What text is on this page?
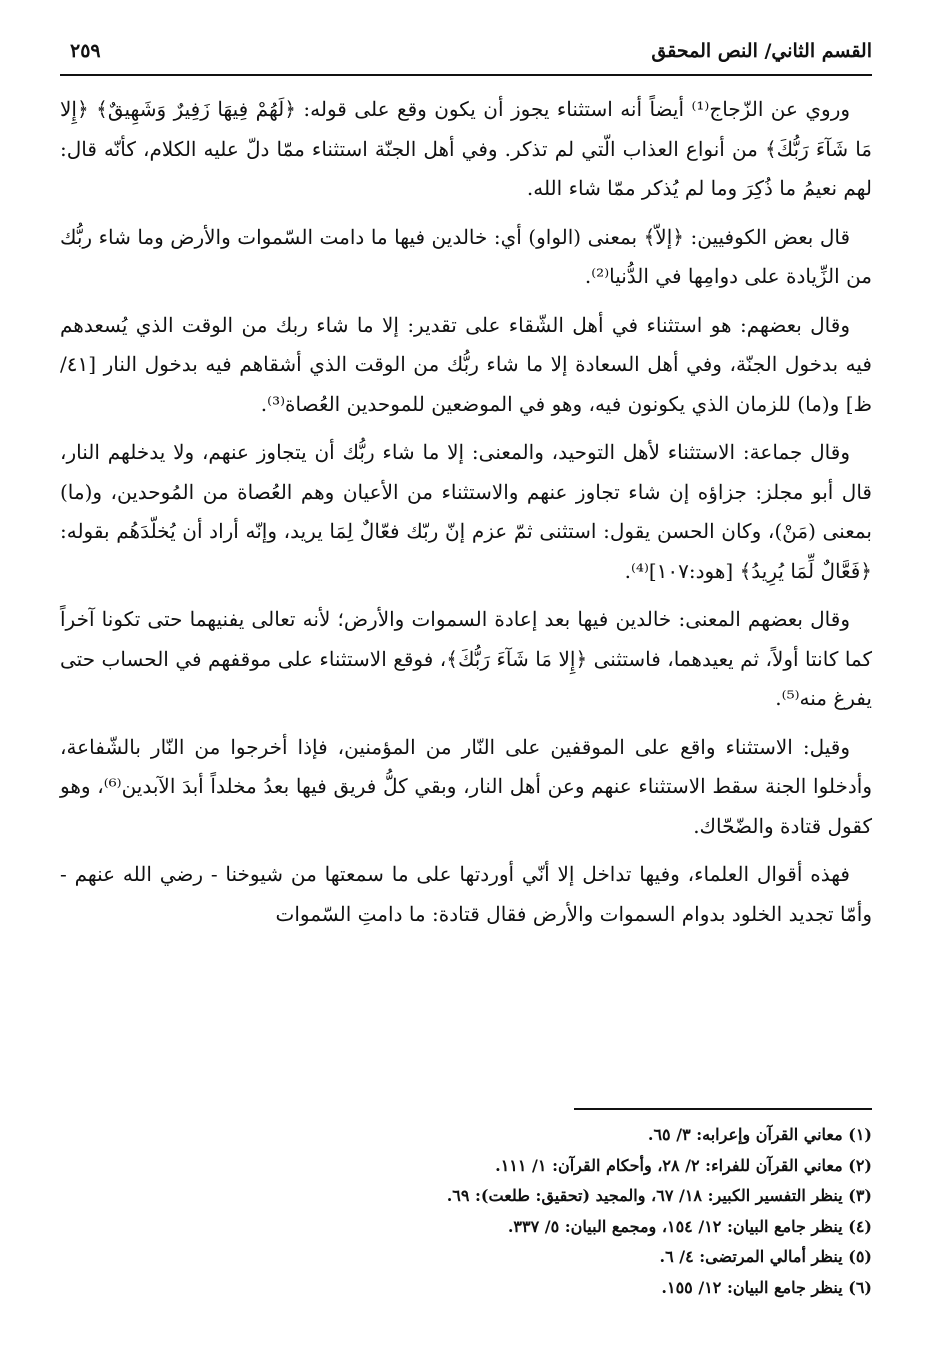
القسم الثاني/ النص المحقق
٢٥٩

وروي عن الزّجاج⁽¹⁾ أيضاً أنه استثناء يجوز أن يكون وقع على قوله: ﴿لَهُمْ فِيهَا زَفِيرٌ وَشَهِيقٌ﴾ ﴿إِلا مَا شَآءَ رَبُّكَ﴾ من أنواع العذاب الّتي لم تذكر. وفي أهل الجنّة استثناء ممّا دلّ عليه الكلام، كأنّه قال: لهم نعيمُ ما ذُكِرَ وما لم يُذكر ممّا شاء الله.

قال بعض الكوفيين: ﴿إلاّ﴾ بمعنى (الواو) أي: خالدين فيها ما دامت السّموات والأرض وما شاء ربُّك من الزِّيادة على دوامِها في الدُّنيا⁽²⁾.

وقال بعضهم: هو استثناء في أهل الشّقاء على تقدير: إلا ما شاء ربك من الوقت الذي يُسعدهم فيه بدخول الجنّة، وفي أهل السعادة إلا ما شاء ربُّك من الوقت الذي أشقاهم فيه بدخول النار [٤١/ظ] و(ما) للزمان الذي يكونون فيه، وهو في الموضعين للموحدين العُصاة⁽³⁾.

وقال جماعة: الاستثناء لأهل التوحيد، والمعنى: إلا ما شاء ربُّك أن يتجاوز عنهم، ولا يدخلهم النار، قال أبو مجلز: جزاؤه إن شاء تجاوز عنهم والاستثناء من الأعيان وهم العُصاة من المُوحدين، و(ما) بمعنى (مَنْ)، وكان الحسن يقول: استثنى ثمّ عزم إنّ ربّك فعّالٌ لِمَا يريد، وإنّه أراد أن يُخلّدَهُم بقوله: ﴿فَعَّالٌ لِّمَا يُرِيدُ﴾ [هود:١٠٧]⁽⁴⁾.

وقال بعضهم المعنى: خالدين فيها بعد إعادة السموات والأرض؛ لأنه تعالى يفنيهما حتى تكونا آخراً كما كانتا أولاً، ثم يعيدهما، فاستثنى ﴿إِلا مَا شَآءَ رَبُّكَ﴾، فوقع الاستثناء على موقفهم في الحساب حتى يفرغ منه⁽⁵⁾.

وقيل: الاستثناء واقع على الموقفين على النّار من المؤمنين، فإذا أخرجوا من النّار بالشّفاعة، وأدخلوا الجنة سقط الاستثناء عنهم وعن أهل النار، وبقي كلُّ فريق فيها بعدُ مخلداً أبدَ الآبدين⁽⁶⁾، وهو كقول قتادة والضّحّاك.

فهذه أقوال العلماء، وفيها تداخل إلا أنّي أوردتها على ما سمعتها من شيوخنا - رضي الله عنهم - وأمّا تجديد الخلود بدوام السموات والأرض فقال قتادة: ما دامتِ السّموات

(١) معاني القرآن وإعرابه: ٣/ ٦٥.

(٢) معاني القرآن للفراء: ٢/ ٢٨، وأحكام القرآن: ١/ ١١١.

(٣) ينظر التفسير الكبير: ١٨/ ٦٧، والمجيد (تحقيق: طلعت): ٦٩.

(٤) ينظر جامع البيان: ١٢/ ١٥٤، ومجمع البيان: ٥/ ٣٣٧.

(٥) ينظر أمالي المرتضى: ٤/ ٦.

(٦) ينظر جامع البيان: ١٢/ ١٥٥.
